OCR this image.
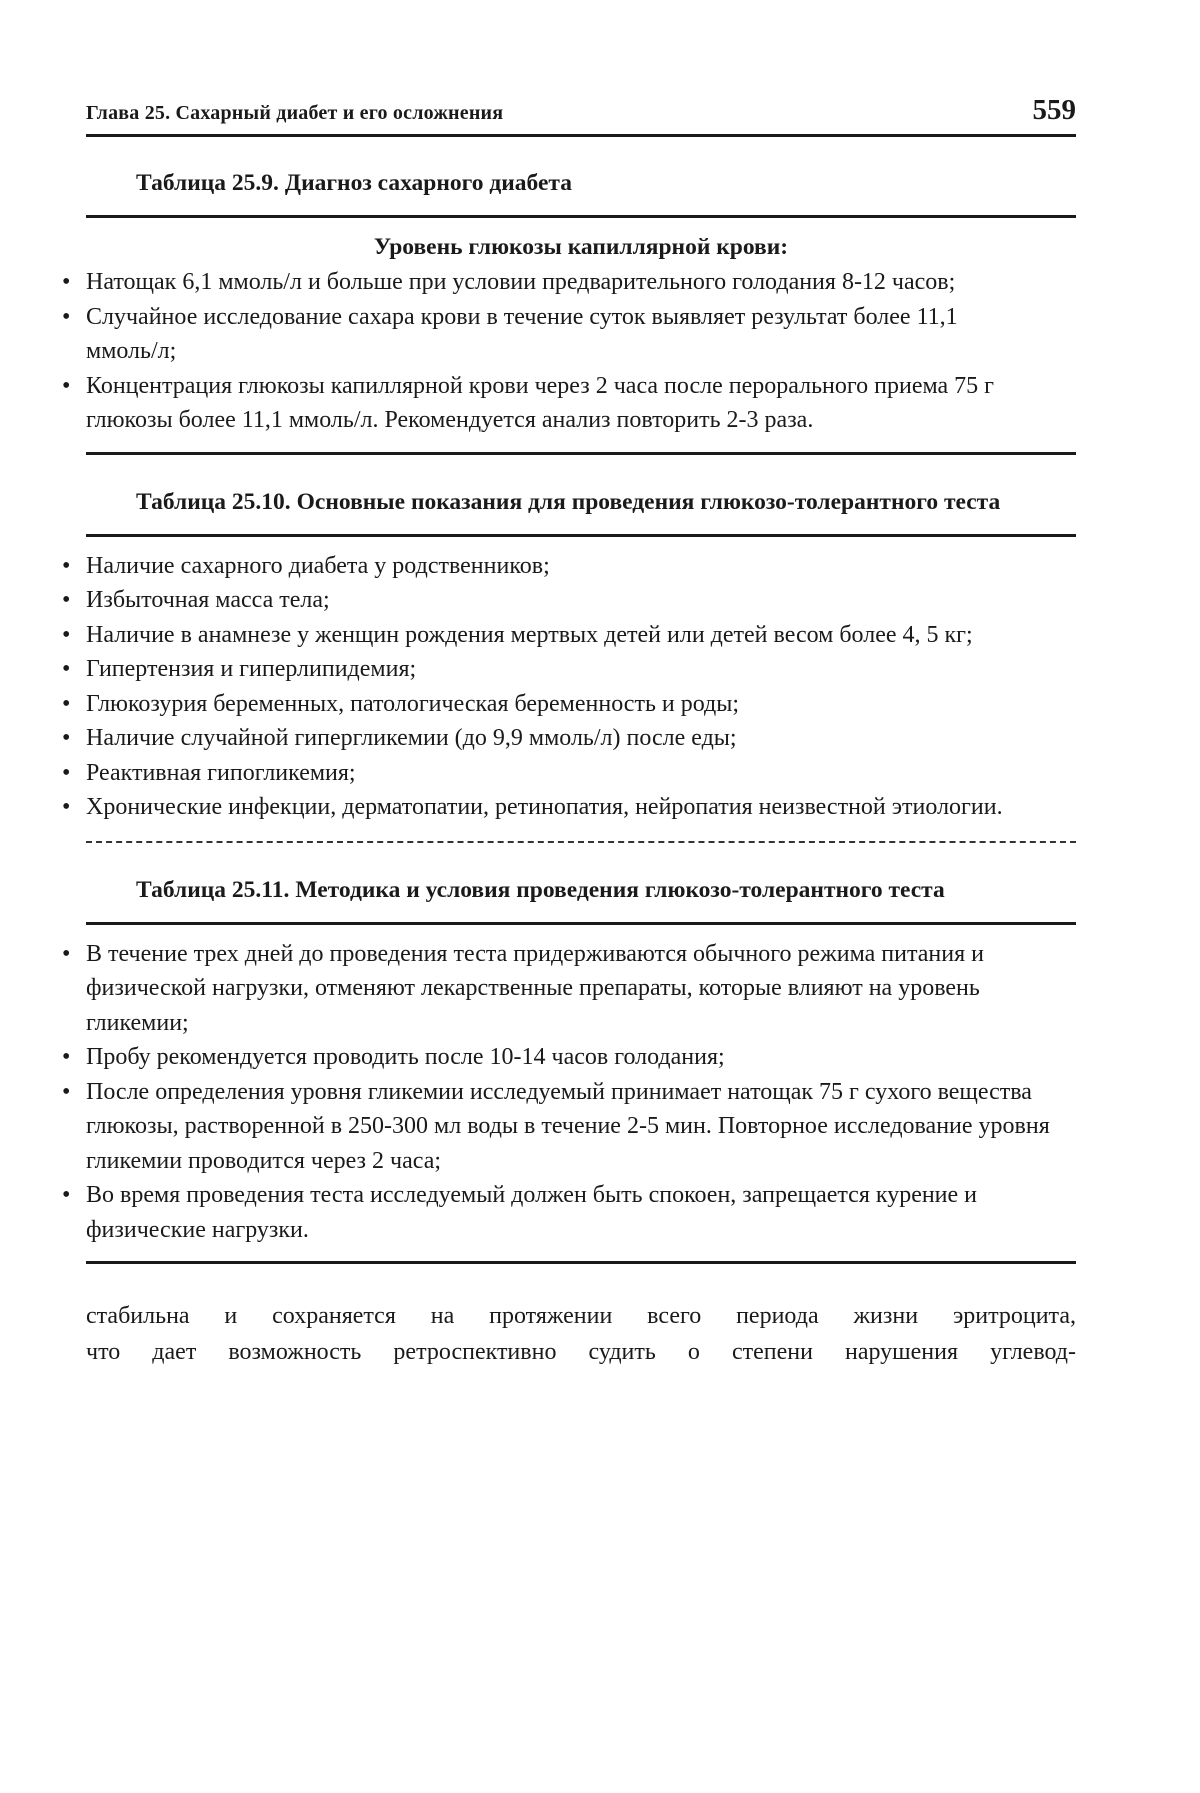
Глава 25. Сахарный диабет и его осложнения	559
Таблица 25.9. Диагноз сахарного диабета
Уровень глюкозы капиллярной крови:
• Натощак 6,1 ммоль/л и больше при условии предварительного голодания 8-12 часов;
• Случайное исследование сахара крови в течение суток выявляет результат более 11,1 ммоль/л;
• Концентрация глюкозы капиллярной крови через 2 часа после перорального приема 75 г глюкозы более 11,1 ммоль/л. Рекомендуется анализ повторить 2-3 раза.
Таблица 25.10. Основные показания для проведения глюкозо-толерантного теста
• Наличие сахарного диабета у родственников;
• Избыточная масса тела;
• Наличие в анамнезе у женщин рождения мертвых детей или детей весом более 4, 5 кг;
• Гипертензия и гиперлипидемия;
• Глюкозурия беременных, патологическая беременность и роды;
• Наличие случайной гипергликемии (до 9,9 ммоль/л) после еды;
• Реактивная гипогликемия;
• Хронические инфекции, дерматопатии, ретинопатия, нейропатия неизвестной этиологии.
Таблица 25.11. Методика и условия проведения глюкозо-толерантного теста
• В течение трех дней до проведения теста придерживаются обычного режима питания и физической нагрузки, отменяют лекарственные препараты, которые влияют на уровень гликемии;
• Пробу рекомендуется проводить после 10-14 часов голодания;
• После определения уровня гликемии исследуемый принимает натощак 75 г сухого вещества глюкозы, растворенной в 250-300 мл воды в течение 2-5 мин. Повторное исследование уровня гликемии проводится через 2 часа;
• Во время проведения теста исследуемый должен быть спокоен, запрещается курение и физические нагрузки.

стабильна и сохраняется на протяжении всего периода жизни эритроцита,

что дает возможность ретроспективно судить о степени нарушения углевод-
